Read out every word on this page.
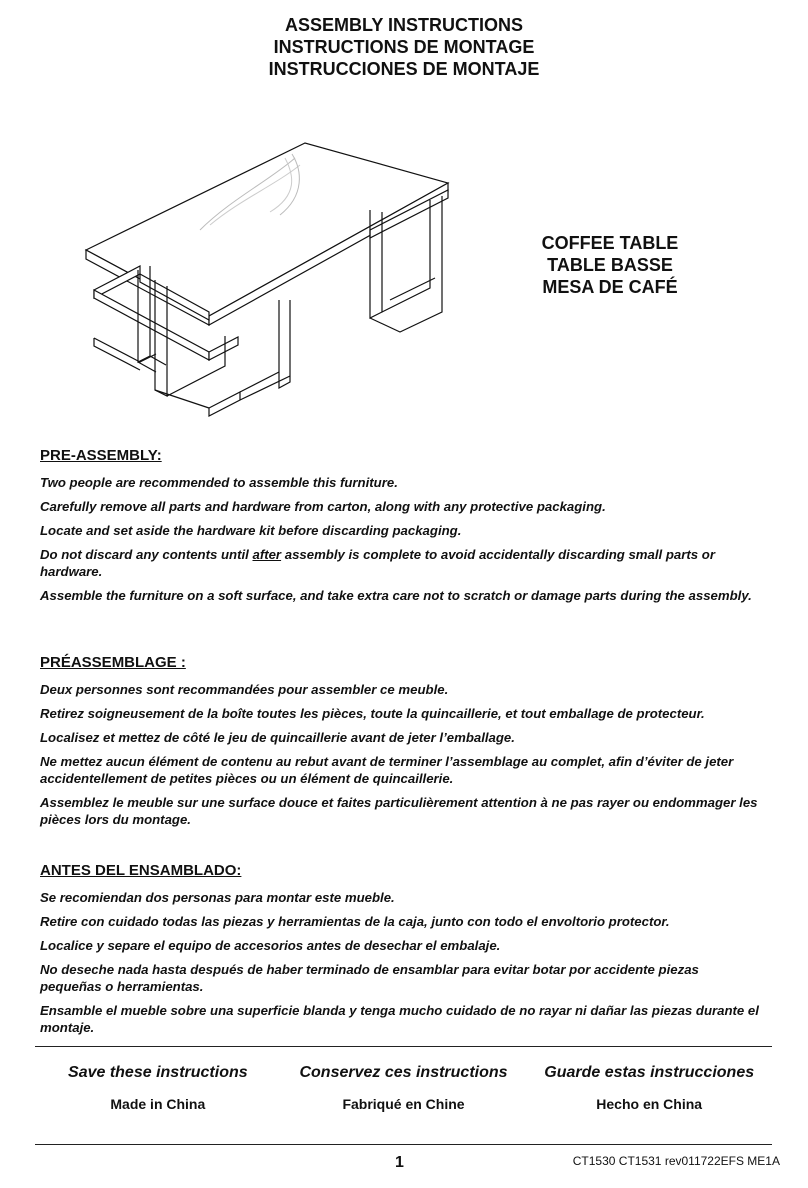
ASSEMBLY INSTRUCTIONS
INSTRUCTIONS DE MONTAGE
INSTRUCCIONES DE MONTAJE
COFFEE TABLE
TABLE BASSE
MESA DE CAFÉ
PRE-ASSEMBLY:

Two people are recommended to assemble this furniture.

Carefully remove all parts and hardware from carton, along with any protective packaging.

Locate and set aside the hardware kit before discarding packaging.

Do not discard any contents until after assembly is complete to avoid accidentally discarding small parts or hardware.

Assemble the furniture on a soft surface, and take extra care not to scratch or damage parts during the assembly.

PRÉASSEMBLAGE :

Deux personnes sont recommandées pour assembler ce meuble.

Retirez soigneusement de la boîte toutes les pièces, toute la quincaillerie, et tout emballage de protecteur.

Localisez et mettez de côté le jeu de quincaillerie avant de jeter l’emballage.

Ne mettez aucun élément de contenu au rebut avant de terminer l’assemblage au complet, afin d’éviter de jeter accidentellement de petites pièces ou un élément de quincaillerie.

Assemblez le meuble sur une surface douce et faites particulièrement attention à ne pas rayer ou endommager les pièces lors du montage.

ANTES DEL ENSAMBLADO:

Se recomiendan dos personas para montar este mueble.

Retire con cuidado todas las piezas y herramientas de la caja, junto con todo el envoltorio protector.

Localice y separe el equipo de accesorios antes de desechar el embalaje.

No deseche nada hasta después de haber terminado de ensamblar para evitar botar por accidente piezas pequeñas o herramientas.

Ensamble el mueble sobre una superficie blanda y tenga mucho cuidado de no rayar ni dañar las piezas durante el montaje.

Save these instructions
Made in China
Conservez ces instructions
Fabriqué en Chine
Guarde estas instrucciones
Hecho en China
1	CT1530 CT1531 rev011722EFS ME1A
